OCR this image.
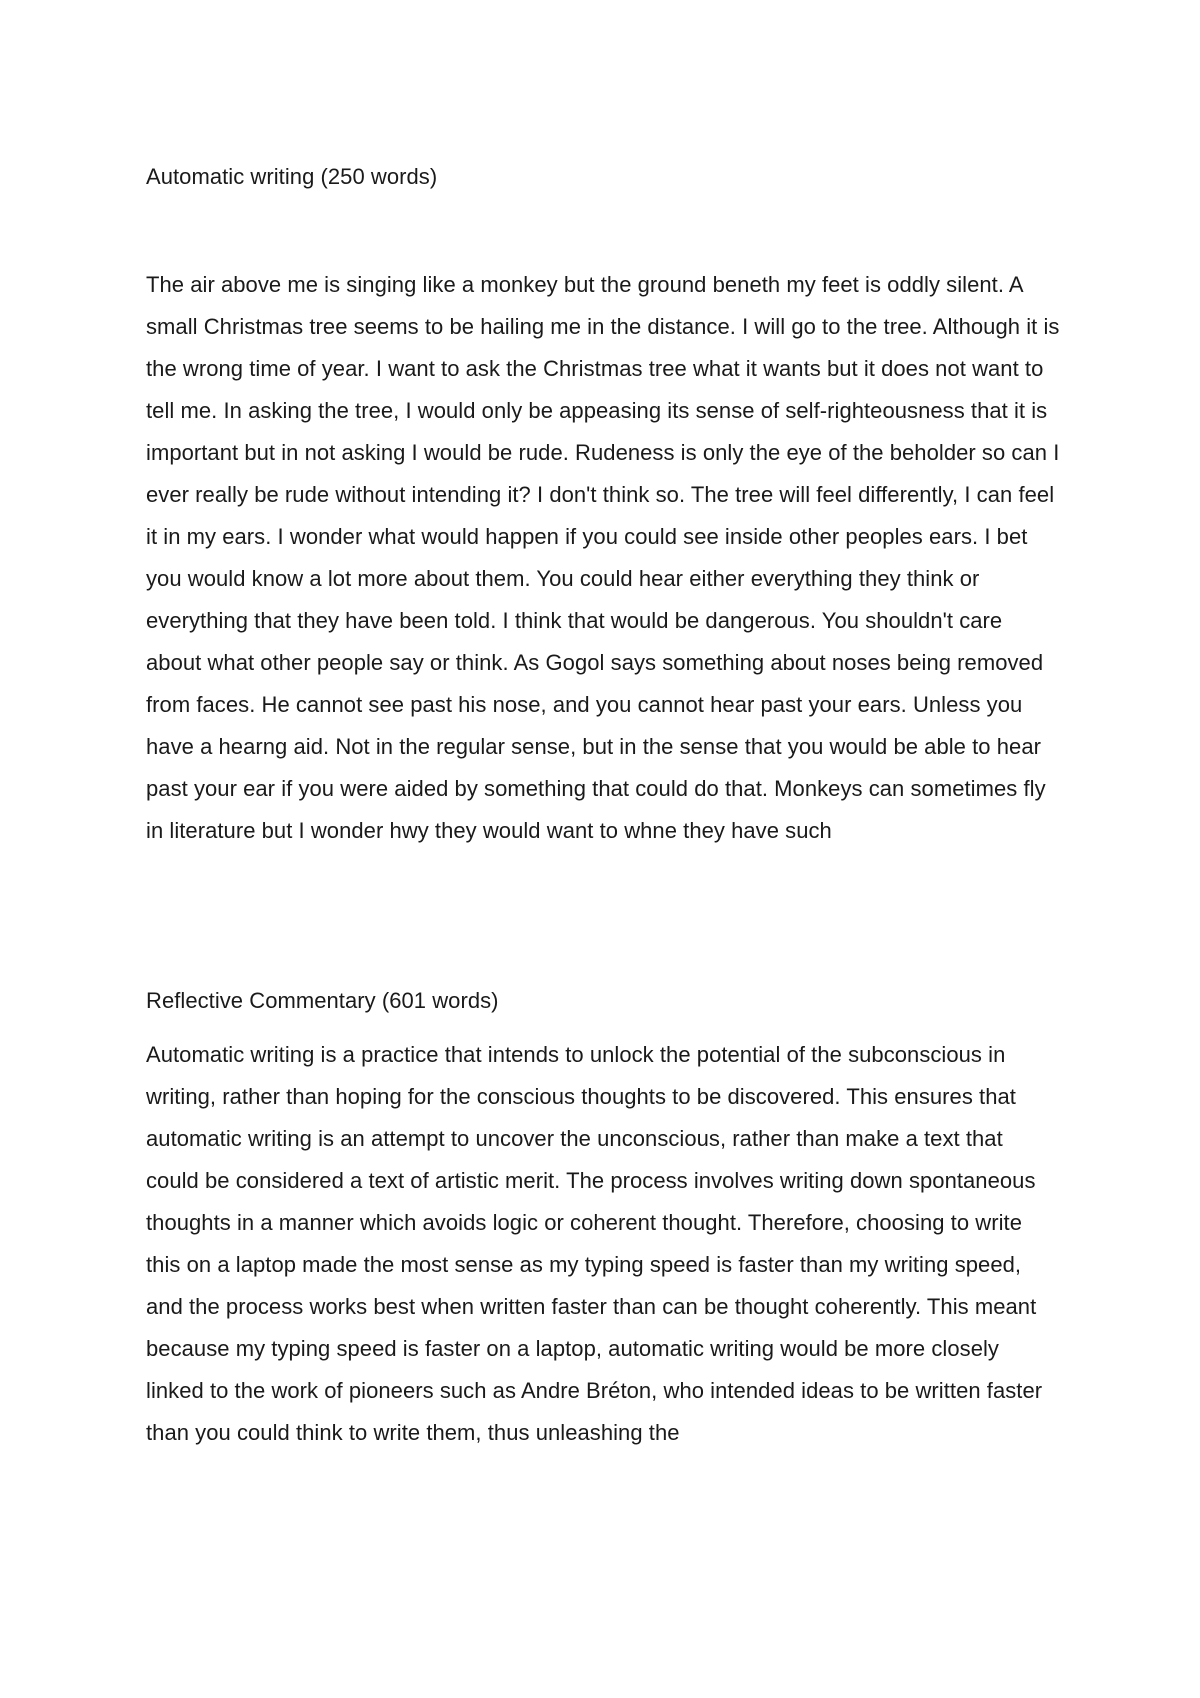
Automatic writing (250 words)

The air above me is singing like a monkey but the ground beneth my feet is oddly silent. A small Christmas tree seems to be hailing me in the distance. I will go to the tree. Although it is the wrong time of year. I want to ask the Christmas tree what it wants but it does not want to tell me. In asking the tree, I would only be appeasing its sense of self-righteousness that it is important but in not asking I would be rude. Rudeness is only the eye of the beholder so can I ever really be rude without intending it? I don't think so. The tree will feel differently, I can feel it in my ears. I wonder what would happen if you could see inside other peoples ears. I bet you would know a lot more about them. You could hear either everything they think or everything that they have been told. I think that would be dangerous. You shouldn't care about what other people say or think. As Gogol says something about noses being removed from faces. He cannot see past his nose, and you cannot hear past your ears. Unless you have a hearng aid. Not in the regular sense, but in the sense that you would be able to hear past your ear if you were aided by something that could do that. Monkeys can sometimes fly in literature but I wonder hwy they would want to whne they have such

Reflective Commentary (601 words)

Automatic writing is a practice that intends to unlock the potential of the subconscious in writing, rather than hoping for the conscious thoughts to be discovered. This ensures that automatic writing is an attempt to uncover the unconscious, rather than make a text that could be considered a text of artistic merit. The process involves writing down spontaneous thoughts in a manner which avoids logic or coherent thought. Therefore, choosing to write this on a laptop made the most sense as my typing speed is faster than my writing speed, and the process works best when written faster than can be thought coherently. This meant because my typing speed is faster on a laptop, automatic writing would be more closely linked to the work of pioneers such as Andre Bréton, who intended ideas to be written faster than you could think to write them, thus unleashing the
